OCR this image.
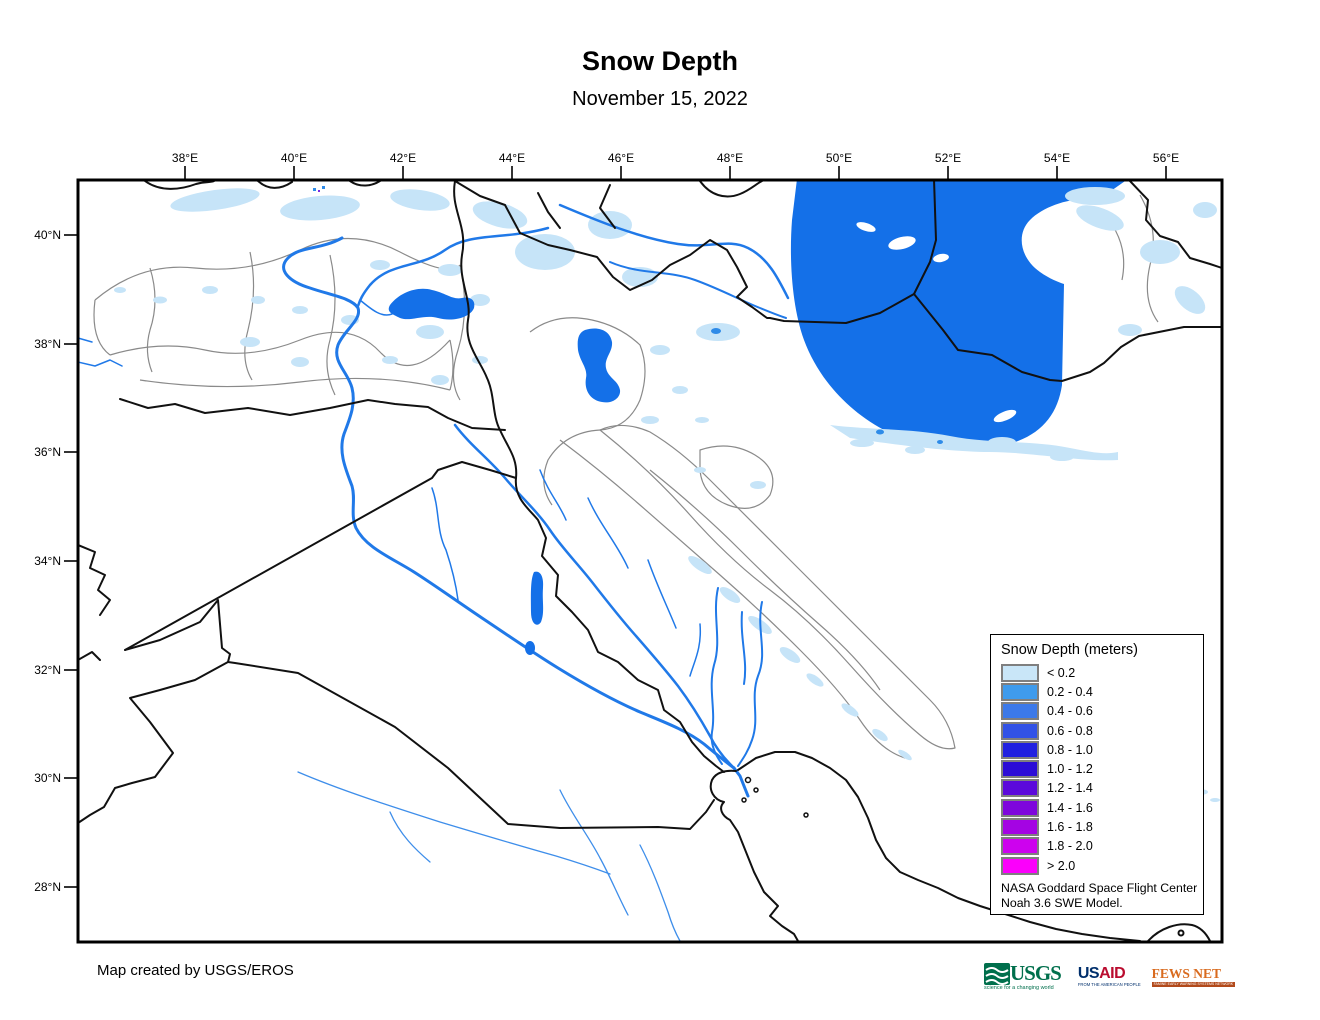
Snow Depth
November 15, 2022
38°E	40°E	42°E	44°E	46°E	48°E	50°E	52°E	54°E	56°E
40°N
38°N
36°N
34°N
32°N
30°N
28°N
Snow Depth (meters)
< 0.2
0.2 - 0.4
0.4 - 0.6
0.6 - 0.8
0.8 - 1.0
1.0 - 1.2
1.2 - 1.4
1.4 - 1.6
1.6 - 1.8
1.8 - 2.0
> 2.0
NASA Goddard Space Flight Center
Noah 3.6 SWE Model.
Map created by USGS/EROS	USGS
science for a changing world
USAID
FROM THE AMERICAN PEOPLE
FEWS NET
FAMINE EARLY WARNING SYSTEMS NETWORK
